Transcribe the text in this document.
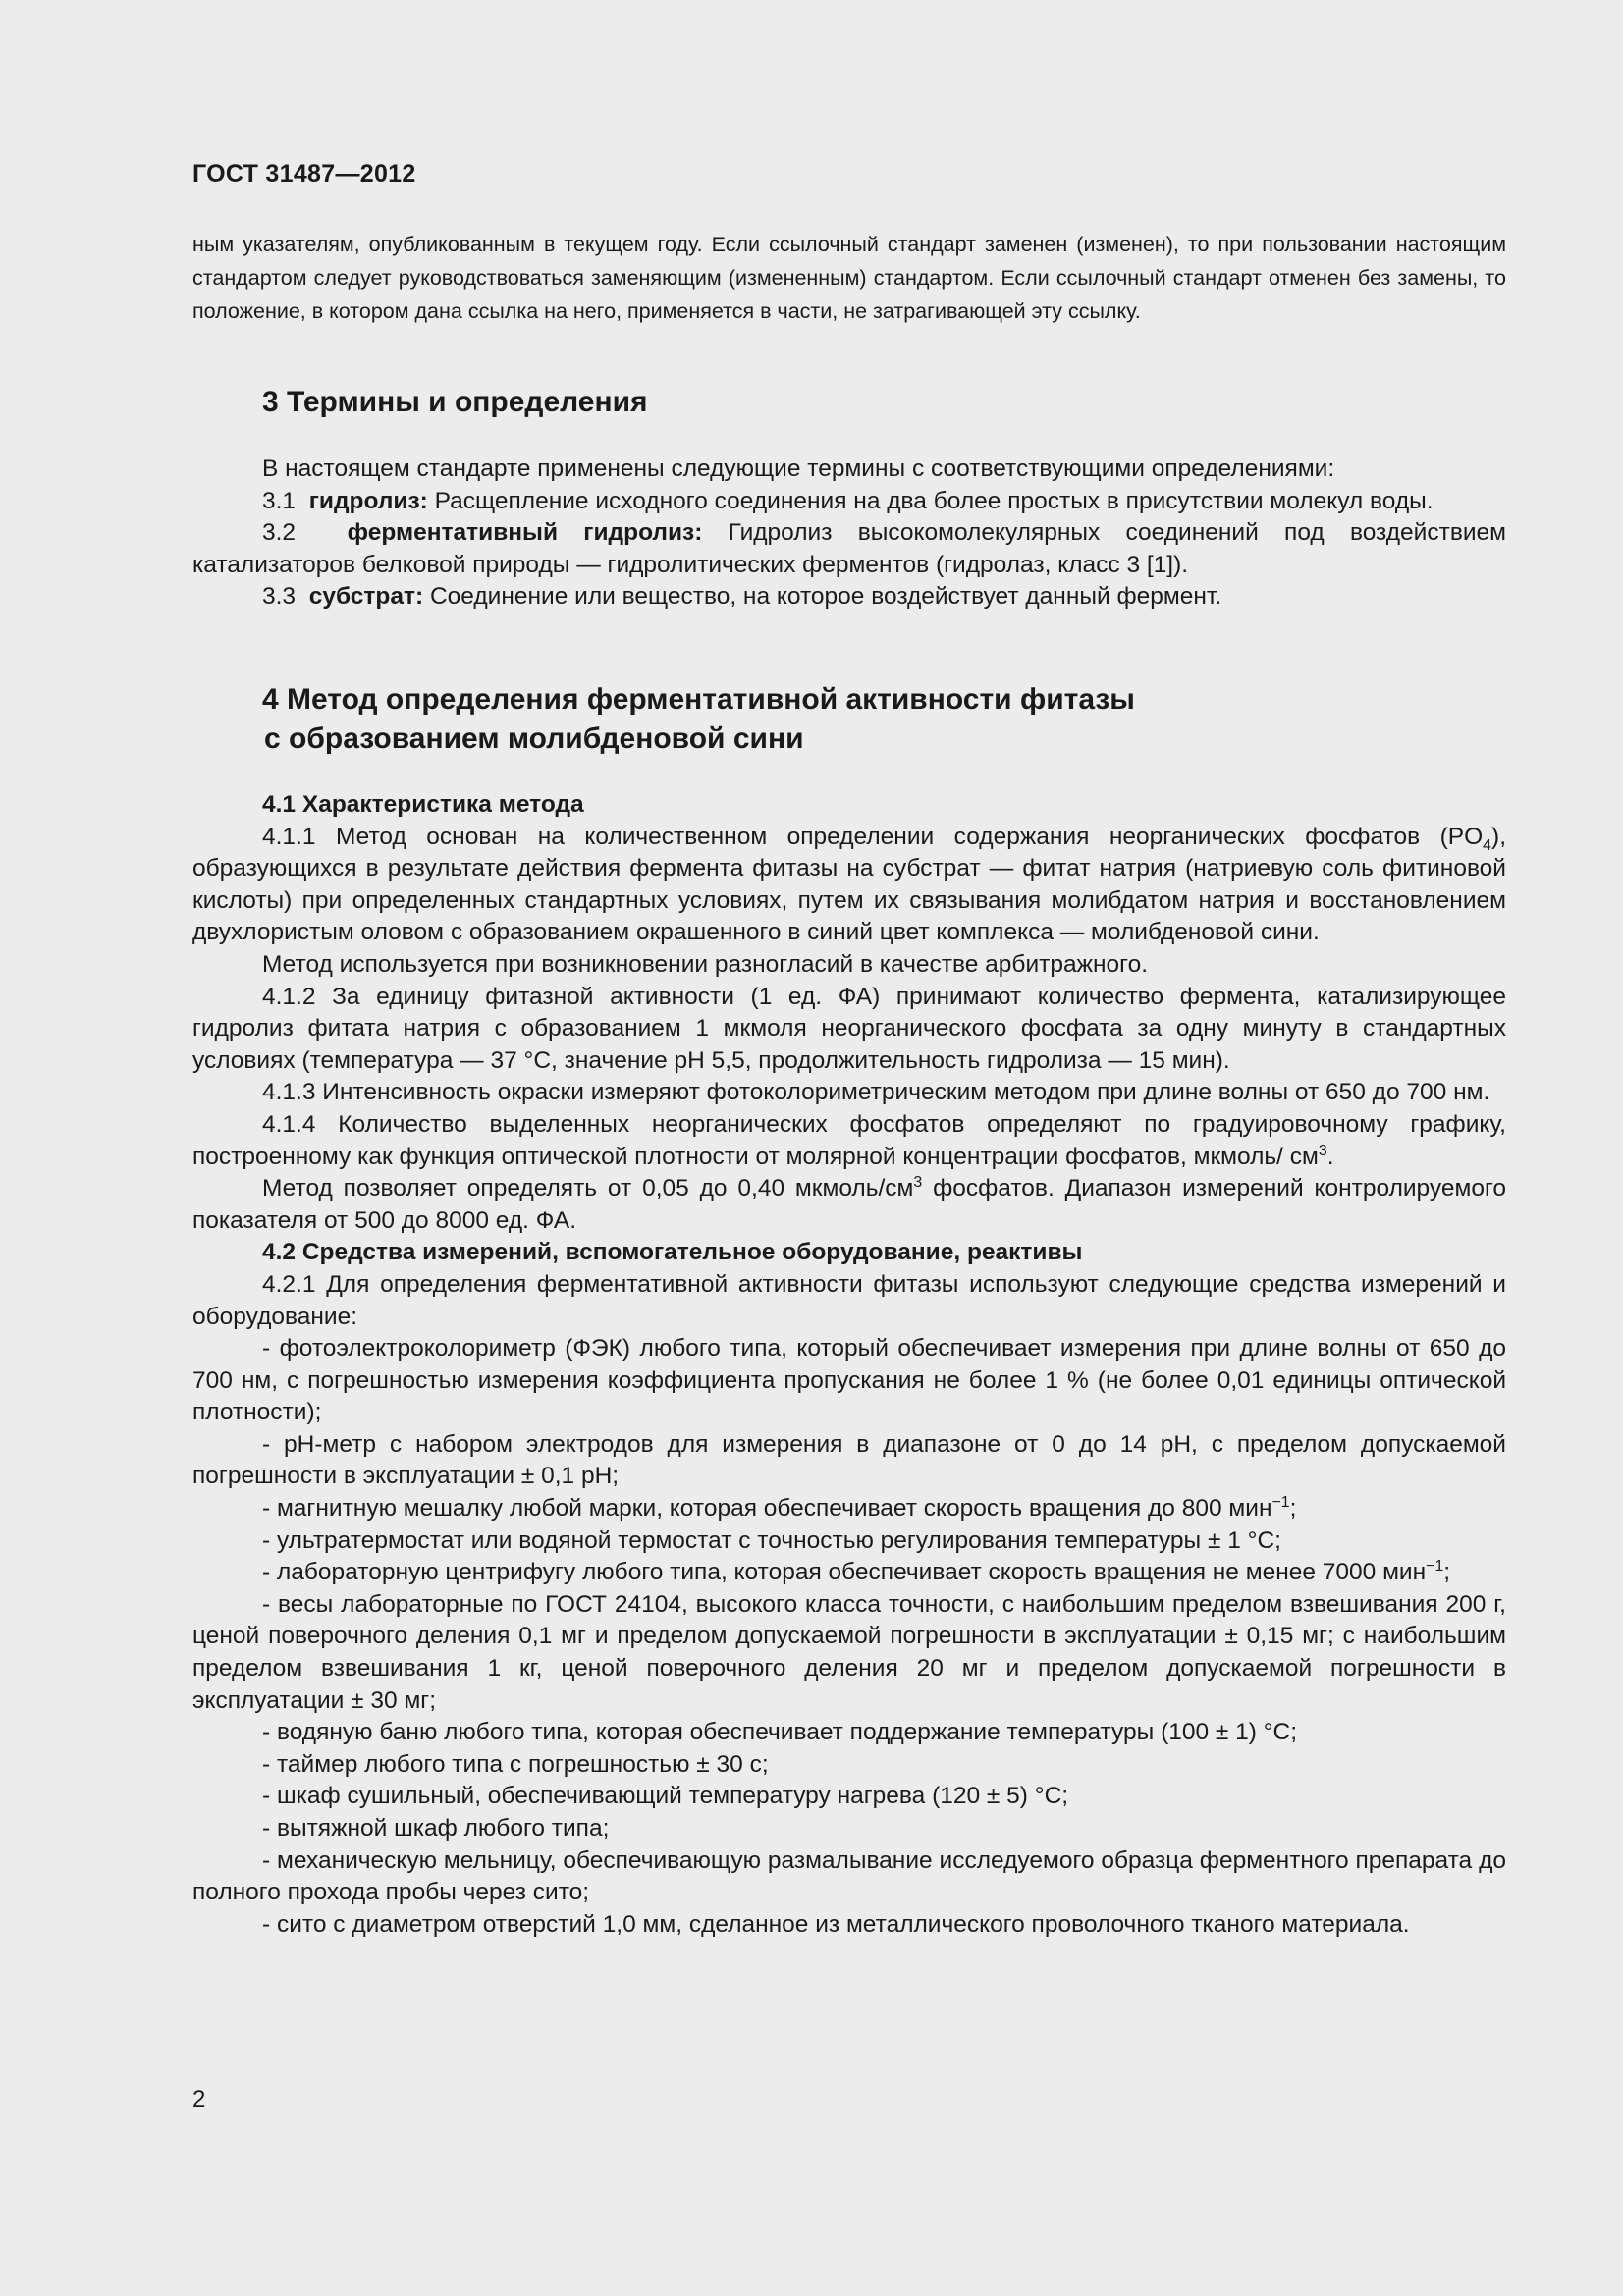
ГОСТ 31487—2012

ным указателям, опубликованным в текущем году. Если ссылочный стандарт заменен (изменен), то при пользовании настоящим стандартом следует руководствоваться заменяющим (измененным) стандартом. Если ссылочный стандарт отменен без замены, то положение, в котором дана ссылка на него, применяется в части, не затрагивающей эту ссылку.

3 Термины и определения

В настоящем стандарте применены следующие термины с соответствующими определениями:

3.1 гидролиз: Расщепление исходного соединения на два более простых в присутствии молекул воды.

3.2 ферментативный гидролиз: Гидролиз высокомолекулярных соединений под воздействием катализаторов белковой природы — гидролитических ферментов (гидролаз, класс 3 [1]).

3.3 субстрат: Соединение или вещество, на которое воздействует данный фермент.

4 Метод определения ферментативной активности фитазы
с образованием молибденовой сини

4.1 Характеристика метода

4.1.1 Метод основан на количественном определении содержания неорганических фосфатов $(PO_4)$, образующихся в результате действия фермента фитазы на субстрат — фитат натрия (натриевую соль фитиновой кислоты) при определенных стандартных условиях, путем их связывания молибдатом натрия и восстановлением двухлористым оловом с образованием окрашенного в синий цвет комплекса — молибденовой сини.

Метод используется при возникновении разногласий в качестве арбитражного.

4.1.2 За единицу фитазной активности (1 ед. ФА) принимают количество фермента, катализирующее гидролиз фитата натрия с образованием 1 мкмоля неорганического фосфата за одну минуту в стандартных условиях (температура — 37 °С, значение pH 5,5, продолжительность гидролиза — 15 мин).

4.1.3 Интенсивность окраски измеряют фотоколориметрическим методом при длине волны от 650 до 700 нм.

4.1.4 Количество выделенных неорганических фосфатов определяют по градуировочному графику, построенному как функция оптической плотности от молярной концентрации фосфатов, мкмоль/ $см^3$.

Метод позволяет определять от 0,05 до 0,40 мкмоль/$см^3$ фосфатов. Диапазон измерений контролируемого показателя от 500 до 8000 ед. ФА.

4.2 Средства измерений, вспомогательное оборудование, реактивы

4.2.1 Для определения ферментативной активности фитазы используют следующие средства измерений и оборудование:

- фотоэлектроколориметр (ФЭК) любого типа, который обеспечивает измерения при длине волны от 650 до 700 нм, с погрешностью измерения коэффициента пропускания не более 1 % (не более 0,01 единицы оптической плотности);

- рН-метр с набором электродов для измерения в диапазоне от 0 до 14 рН, с пределом допускаемой погрешности в эксплуатации ± 0,1 рН;

- магнитную мешалку любой марки, которая обеспечивает скорость вращения до 800 мин$^{-1}$;

- ультратермостат или водяной термостат с точностью регулирования температуры ± 1 °С;

- лабораторную центрифугу любого типа, которая обеспечивает скорость вращения не менее 7000 мин$^{-1}$;

- весы лабораторные по ГОСТ 24104, высокого класса точности, с наибольшим пределом взвешивания 200 г, ценой поверочного деления 0,1 мг и пределом допускаемой погрешности в эксплуатации ± 0,15 мг; с наибольшим пределом взвешивания 1 кг, ценой поверочного деления 20 мг и пределом допускаемой погрешности в эксплуатации ± 30 мг;

- водяную баню любого типа, которая обеспечивает поддержание температуры (100 ± 1) °С;

- таймер любого типа с погрешностью ± 30 с;

- шкаф сушильный, обеспечивающий температуру нагрева (120 ± 5) °С;

- вытяжной шкаф любого типа;

- механическую мельницу, обеспечивающую размалывание исследуемого образца ферментного препарата до полного прохода пробы через сито;

- сито с диаметром отверстий 1,0 мм, сделанное из металлического проволочного тканого материала.

2
